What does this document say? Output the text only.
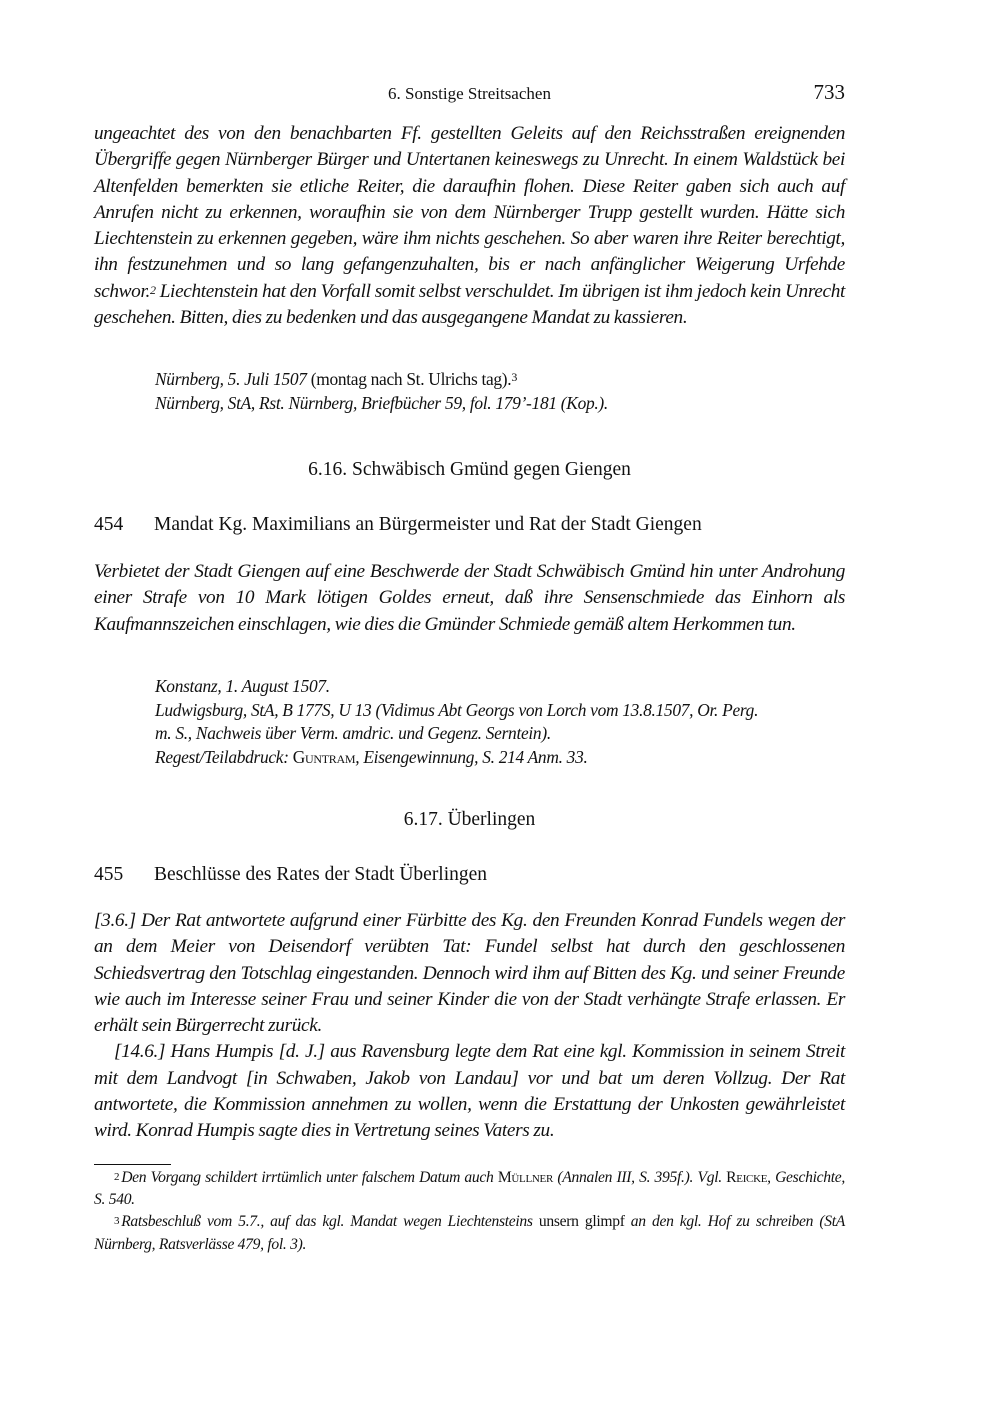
6. Sonstige Streitsachen	733

ungeachtet des von den benachbarten Ff. gestellten Geleits auf den Reichsstraßen ereignenden Übergriffe gegen Nürnberger Bürger und Untertanen keineswegs zu Unrecht. In einem Waldstück bei Altenfelden bemerkten sie etliche Reiter, die daraufhin flohen. Diese Reiter gaben sich auch auf Anrufen nicht zu erkennen, woraufhin sie von dem Nürnberger Trupp gestellt wurden. Hätte sich Liechtenstein zu erkennen gegeben, wäre ihm nichts geschehen. So aber waren ihre Reiter berechtigt, ihn festzunehmen und so lang gefangenzuhalten, bis er nach anfänglicher Weigerung Urfehde schwor.$^2$ Liechtenstein hat den Vorfall somit selbst verschuldet. Im übrigen ist ihm jedoch kein Unrecht geschehen. Bitten, dies zu bedenken und das ausgegangene Mandat zu kassieren.

Nürnberg, 5. Juli 1507 (montag nach St. Ulrichs tag).$^3$
Nürnberg, StA, Rst. Nürnberg, Briefbücher 59, fol. 179’-181 (Kop.).
6.16. Schwäbisch Gmünd gegen Giengen
454 Mandat Kg. Maximilians an Bürgermeister und Rat der Stadt Giengen

Verbietet der Stadt Giengen auf eine Beschwerde der Stadt Schwäbisch Gmünd hin unter Androhung einer Strafe von 10 Mark lötigen Goldes erneut, daß ihre Sensenschmiede das Einhorn als Kaufmannszeichen einschlagen, wie dies die Gmünder Schmiede gemäß altem Herkommen tun.

Konstanz, 1. August 1507.
Ludwigsburg, StA, B 177S, U 13 (Vidimus Abt Georgs von Lorch vom 13.8.1507, Or. Perg.
m. S., Nachweis über Verm. amdric. und Gegenz. Serntein).
Regest/Teilabdruck: Guntram, Eisengewinnung, S. 214 Anm. 33.
6.17. Überlingen
455 Beschlüsse des Rates der Stadt Überlingen

[3.6.] Der Rat antwortete aufgrund einer Fürbitte des Kg. den Freunden Konrad Fundels wegen der an dem Meier von Deisendorf verübten Tat: Fundel selbst hat durch den geschlossenen Schiedsvertrag den Totschlag eingestanden. Dennoch wird ihm auf Bitten des Kg. und seiner Freunde wie auch im Interesse seiner Frau und seiner Kinder die von der Stadt verhängte Strafe erlassen. Er erhält sein Bürgerrecht zurück.

[14.6.] Hans Humpis [d. J.] aus Ravensburg legte dem Rat eine kgl. Kommission in seinem Streit mit dem Landvogt [in Schwaben, Jakob von Landau] vor und bat um deren Vollzug. Der Rat antwortete, die Kommission annehmen zu wollen, wenn die Erstattung der Unkosten gewährleistet wird. Konrad Humpis sagte dies in Vertretung seines Vaters zu.

$^2$ Den Vorgang schildert irrtümlich unter falschem Datum auch Müllner (Annalen III, S. 395f.). Vgl. Reicke, Geschichte, S. 540.

$^3$ Ratsbeschluß vom 5.7., auf das kgl. Mandat wegen Liechtensteins unsern glimpf an den kgl. Hof zu schreiben (StA Nürnberg, Ratsverlässe 479, fol. 3).
